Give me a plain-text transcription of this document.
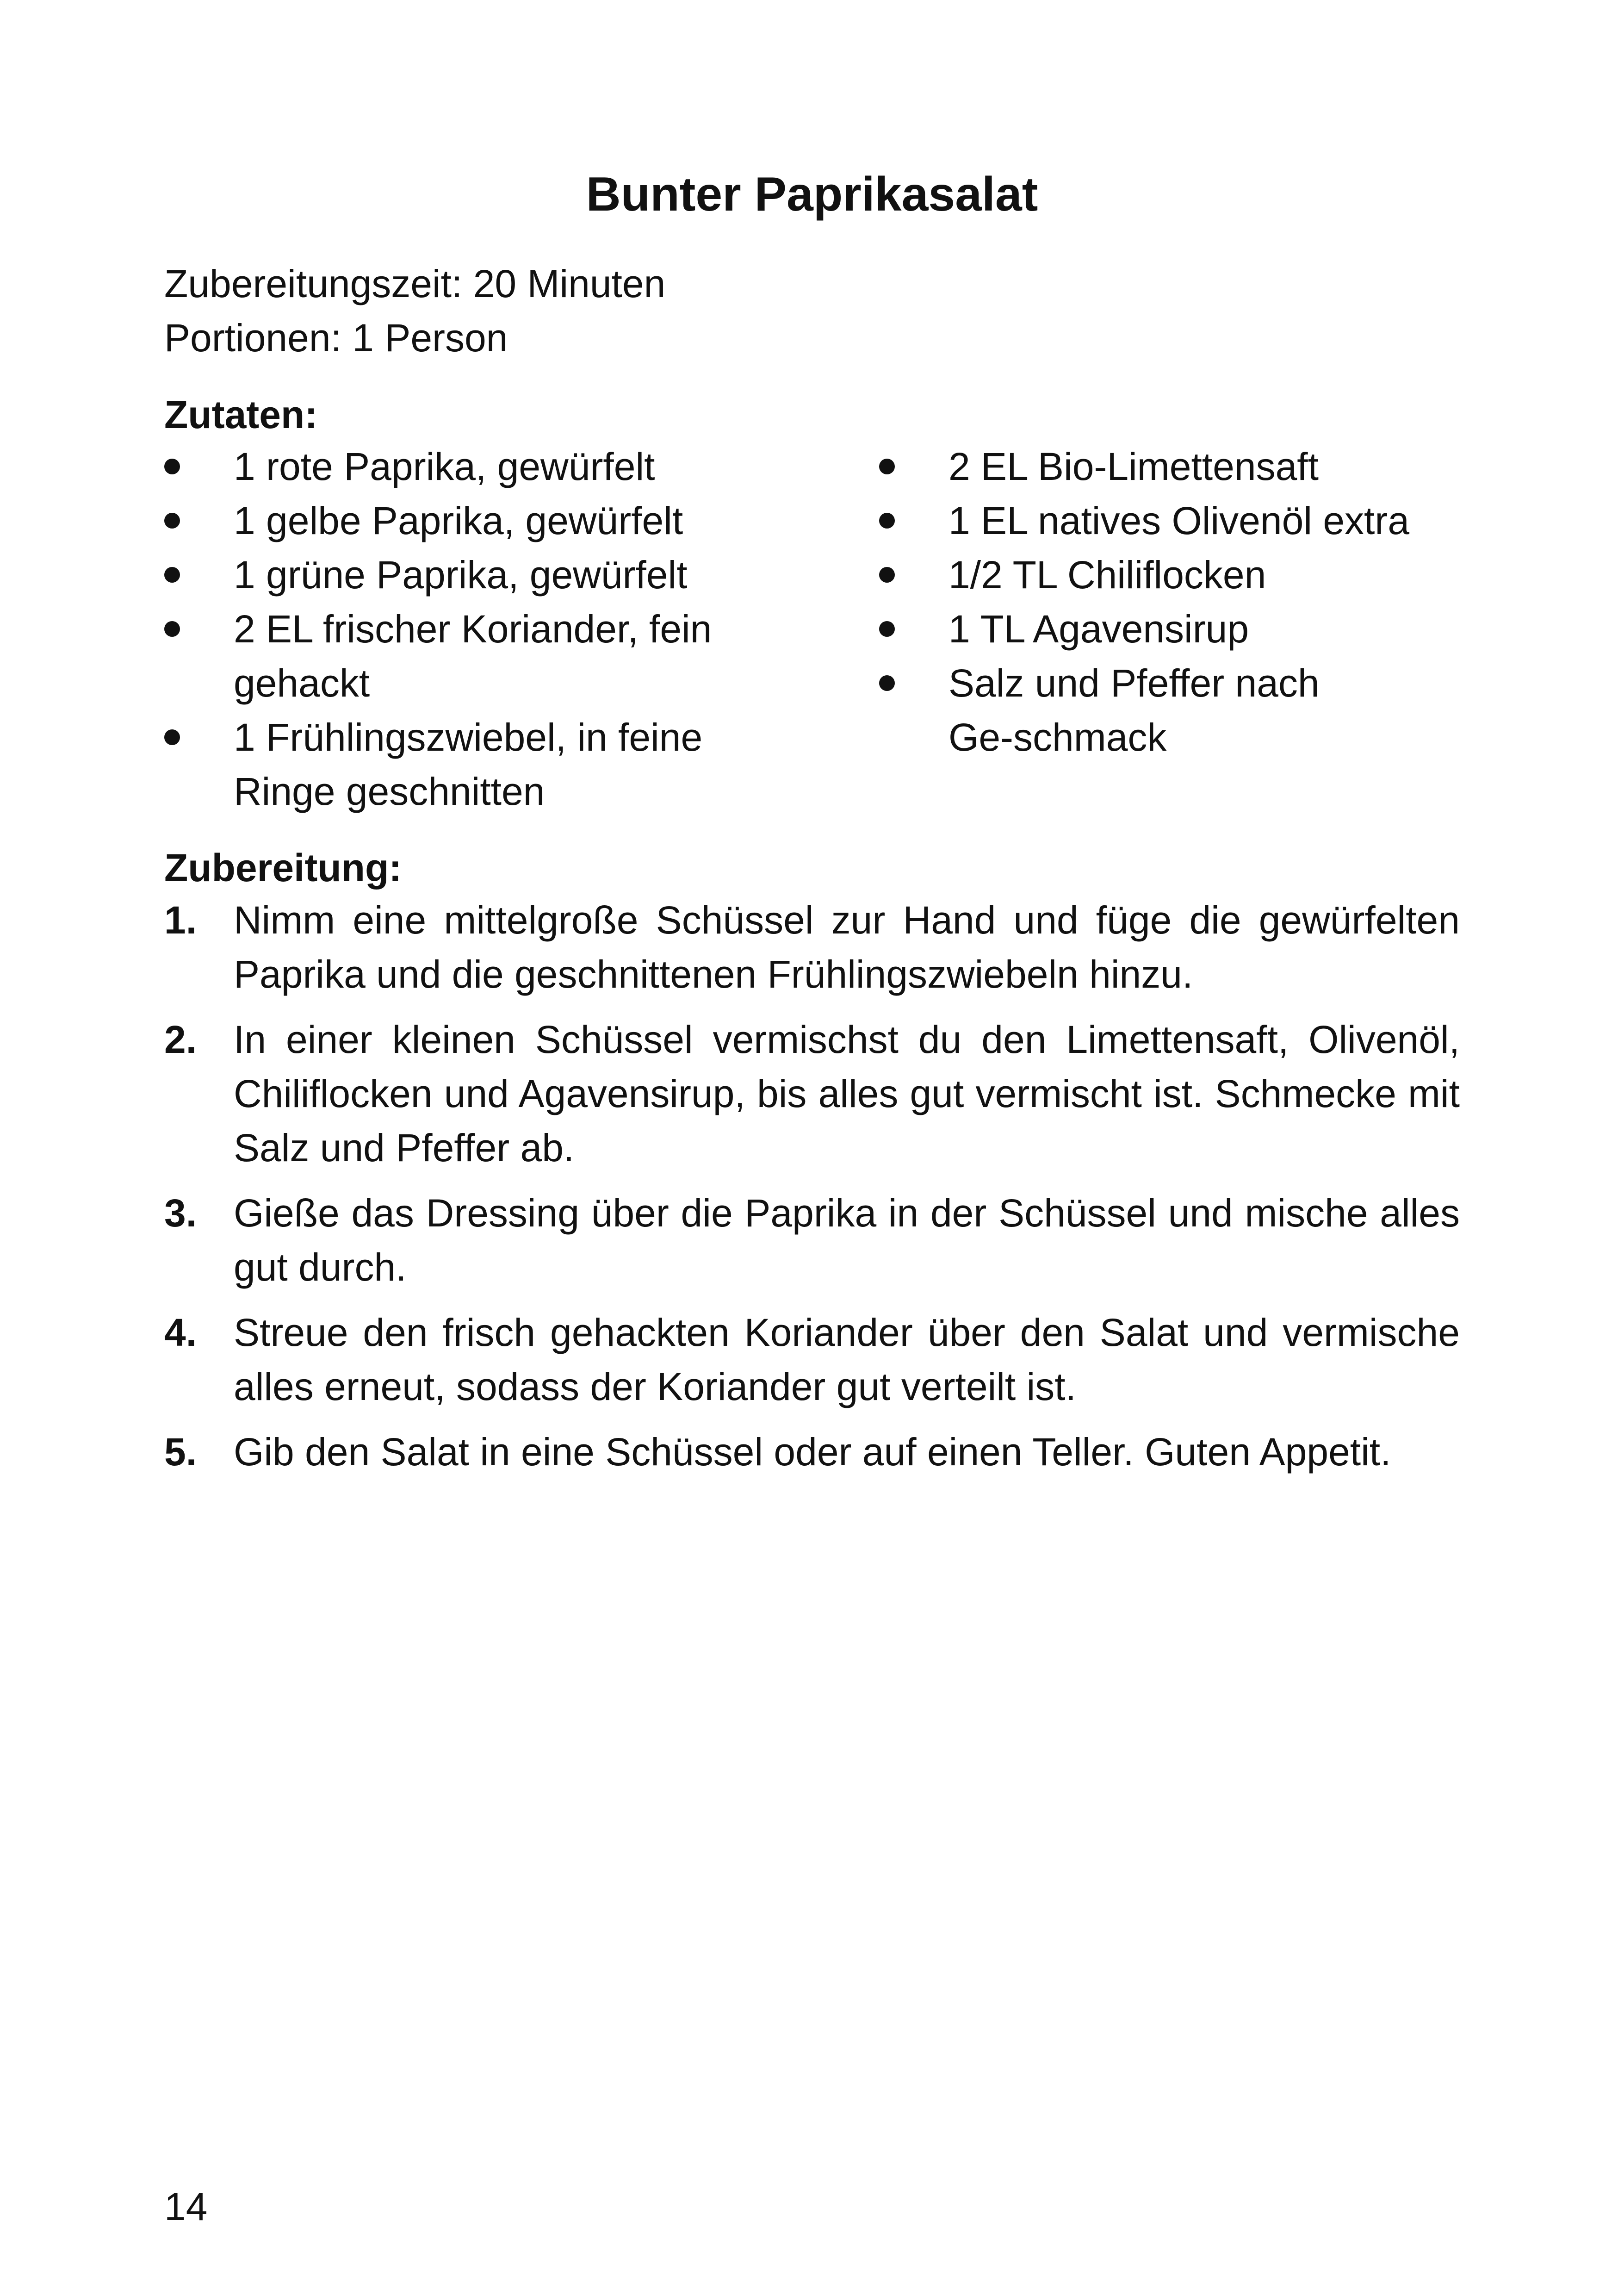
Bunter Paprikasalat
Zubereitungszeit: 20 Minuten
Portionen: 1 Person
Zutaten:
1 rote Paprika, gewürfelt
1 gelbe Paprika, gewürfelt
1 grüne Paprika, gewürfelt
2 EL frischer Koriander, fein gehackt
1 Frühlingszwiebel, in feine Ringe geschnitten
2 EL Bio-Limettensaft
1 EL natives Olivenöl extra
1/2 TL Chiliflocken
1 TL Agavensirup
Salz und Pfeffer nach Ge-schmack
Zubereitung:
1. Nimm eine mittelgroße Schüssel zur Hand und füge die gewürfelten Paprika und die geschnittenen Frühlingszwiebeln hinzu.
2. In einer kleinen Schüssel vermischst du den Limettensaft, Olivenöl, Chiliflocken und Agavensirup, bis alles gut vermischt ist. Schmecke mit Salz und Pfeffer ab.
3. Gieße das Dressing über die Paprika in der Schüssel und mische alles gut durch.
4. Streue den frisch gehackten Koriander über den Salat und vermische alles erneut, sodass der Koriander gut verteilt ist.
5. Gib den Salat in eine Schüssel oder auf einen Teller. Guten Appetit.
14
